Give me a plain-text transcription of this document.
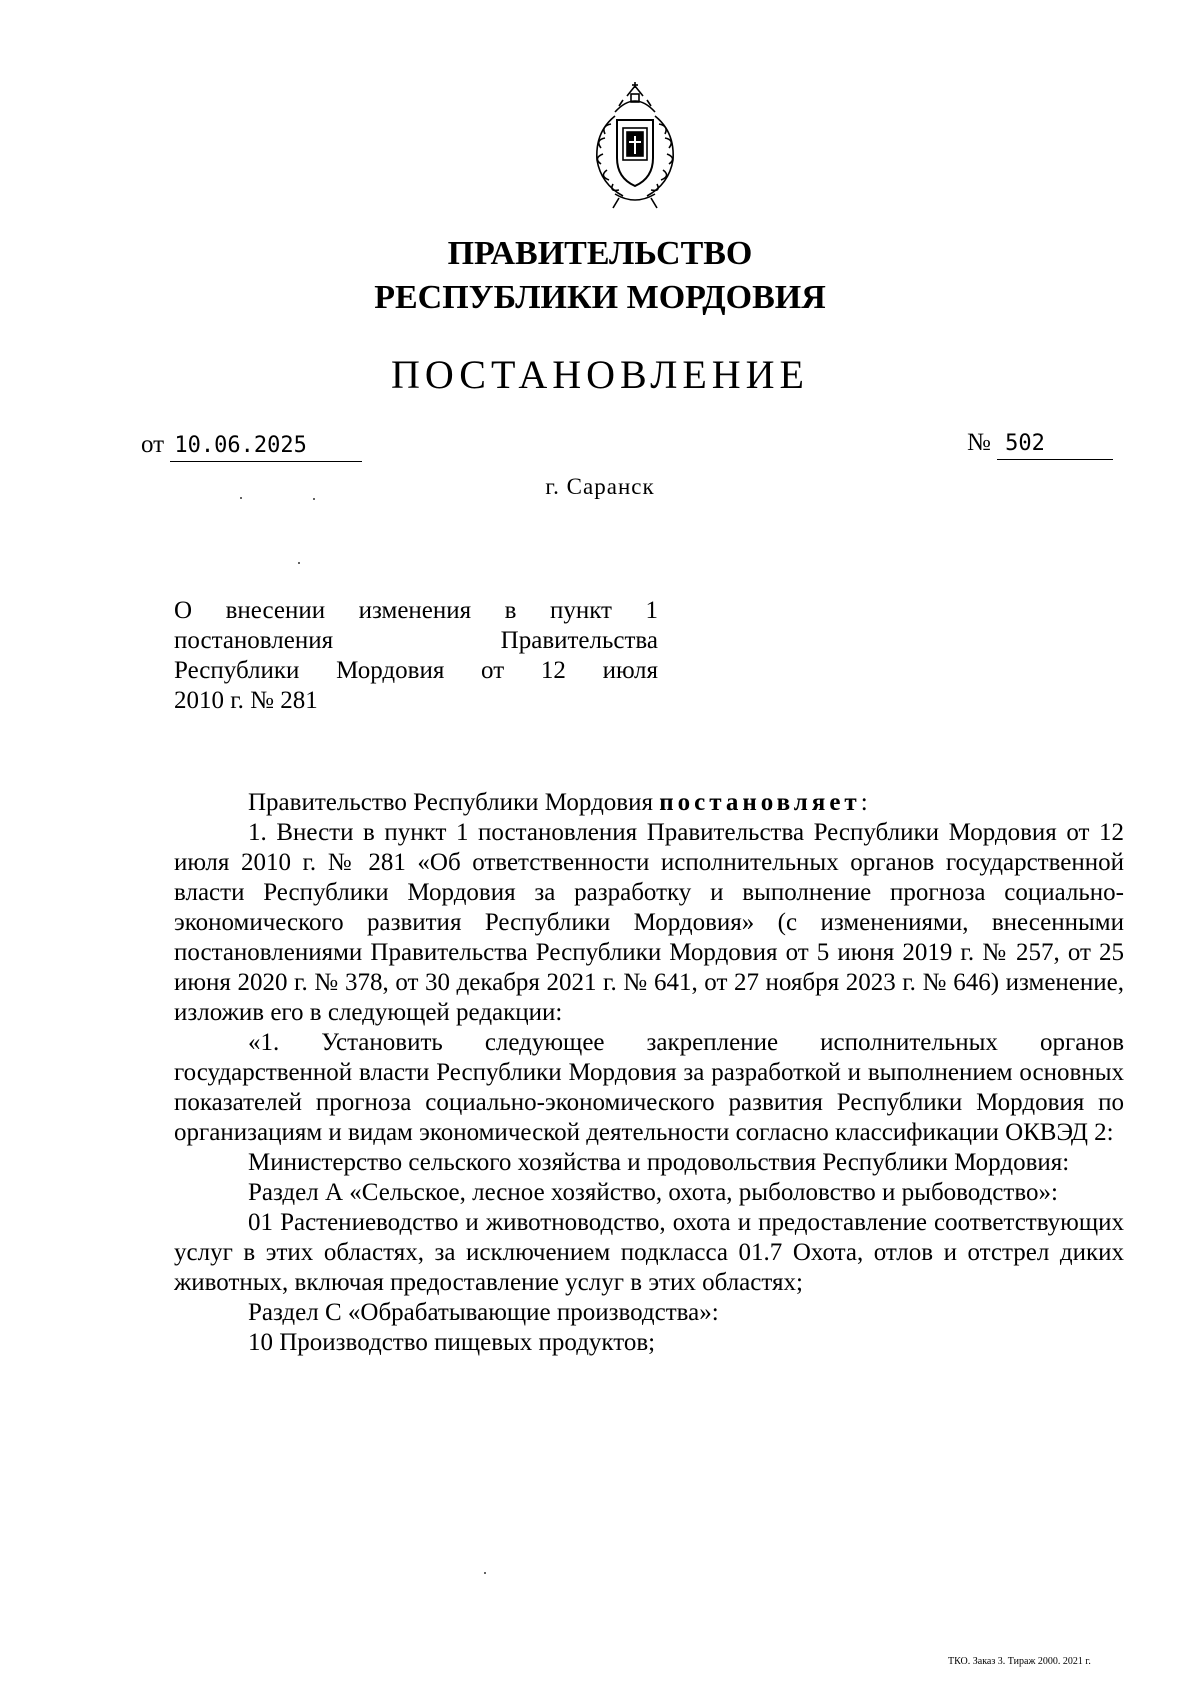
ПРАВИТЕЛЬСТВО
РЕСПУБЛИКИ МОРДОВИЯ
ПОСТАНОВЛЕНИЕ
от 10.06.2025	№ 502
г. Саранск
О внесении изменения в пункт 1
постановления Правительства
Республики Мордовия от 12 июля
2010 г. № 281

Правительство Республики Мордовия постановляет:

1. Внести в пункт 1 постановления Правительства Республики Мордовия от 12 июля 2010 г. № 281 «Об ответственности исполнительных органов государственной власти Республики Мордовия за разработку и выполнение прогноза социально-экономического развития Республики Мордовия» (с изменениями, внесенными постановлениями Правительства Республики Мордовия от 5 июня 2019 г. № 257, от 25 июня 2020 г. № 378, от 30 декабря 2021 г. № 641, от 27 ноября 2023 г. № 646) изменение, изложив его в следующей редакции:

«1. Установить следующее закрепление исполнительных органов государственной власти Республики Мордовия за разработкой и выполнением основных показателей прогноза социально-экономического развития Республики Мордовия по организациям и видам экономической деятельности согласно классификации ОКВЭД 2:

Министерство сельского хозяйства и продовольствия Республики Мордовия:

Раздел А «Сельское, лесное хозяйство, охота, рыболовство и рыбоводство»:

01 Растениеводство и животноводство, охота и предоставление соответствующих услуг в этих областях, за исключением подкласса 01.7 Охота, отлов и отстрел диких животных, включая предоставление услуг в этих областях;

Раздел С «Обрабатывающие производства»:

10 Производство пищевых продуктов;

ТКО. Заказ 3. Тираж 2000. 2021 г.
